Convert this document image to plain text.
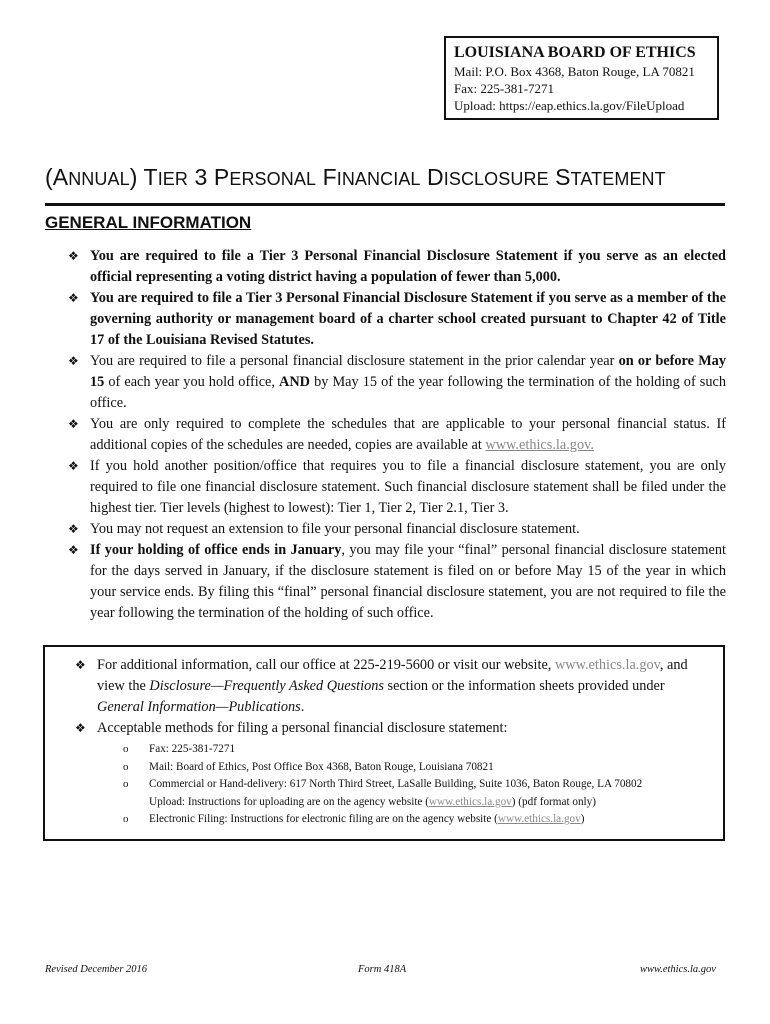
LOUISIANA BOARD OF ETHICS
Mail: P.O. Box 4368, Baton Rouge, LA 70821
Fax: 225-381-7271
Upload: https://eap.ethics.la.gov/FileUpload
(ANNUAL) TIER 3 PERSONAL FINANCIAL DISCLOSURE STATEMENT
GENERAL INFORMATION
❖ You are required to file a Tier 3 Personal Financial Disclosure Statement if you serve as an elected official representing a voting district having a population of fewer than 5,000.
❖ You are required to file a Tier 3 Personal Financial Disclosure Statement if you serve as a member of the governing authority or management board of a charter school created pursuant to Chapter 42 of Title 17 of the Louisiana Revised Statutes.
❖ You are required to file a personal financial disclosure statement in the prior calendar year on or before May 15 of each year you hold office, AND by May 15 of the year following the termination of the holding of such office.
❖ You are only required to complete the schedules that are applicable to your personal financial status. If additional copies of the schedules are needed, copies are available at www.ethics.la.gov.
❖ If you hold another position/office that requires you to file a financial disclosure statement, you are only required to file one financial disclosure statement. Such financial disclosure statement shall be filed under the highest tier. Tier levels (highest to lowest): Tier 1, Tier 2, Tier 2.1, Tier 3.
❖ You may not request an extension to file your personal financial disclosure statement.
❖ If your holding of office ends in January, you may file your “final” personal financial disclosure statement for the days served in January, if the disclosure statement is filed on or before May 15 of the year in which your service ends. By filing this “final” personal financial disclosure statement, you are not required to file the year following the termination of the holding of such office.
❖ For additional information, call our office at 225-219-5600 or visit our website, www.ethics.la.gov, and view the Disclosure—Frequently Asked Questions section or the information sheets provided under General Information—Publications.
❖ Acceptable methods for filing a personal financial disclosure statement:
o Fax: 225-381-7271
o Mail: Board of Ethics, Post Office Box 4368, Baton Rouge, Louisiana 70821
o Commercial or Hand-delivery: 617 North Third Street, LaSalle Building, Suite 1036, Baton Rouge, LA 70802
Upload: Instructions for uploading are on the agency website (www.ethics.la.gov) (pdf format only)
o Electronic Filing: Instructions for electronic filing are on the agency website (www.ethics.la.gov)
Revised December 2016	Form 418A	www.ethics.la.gov
